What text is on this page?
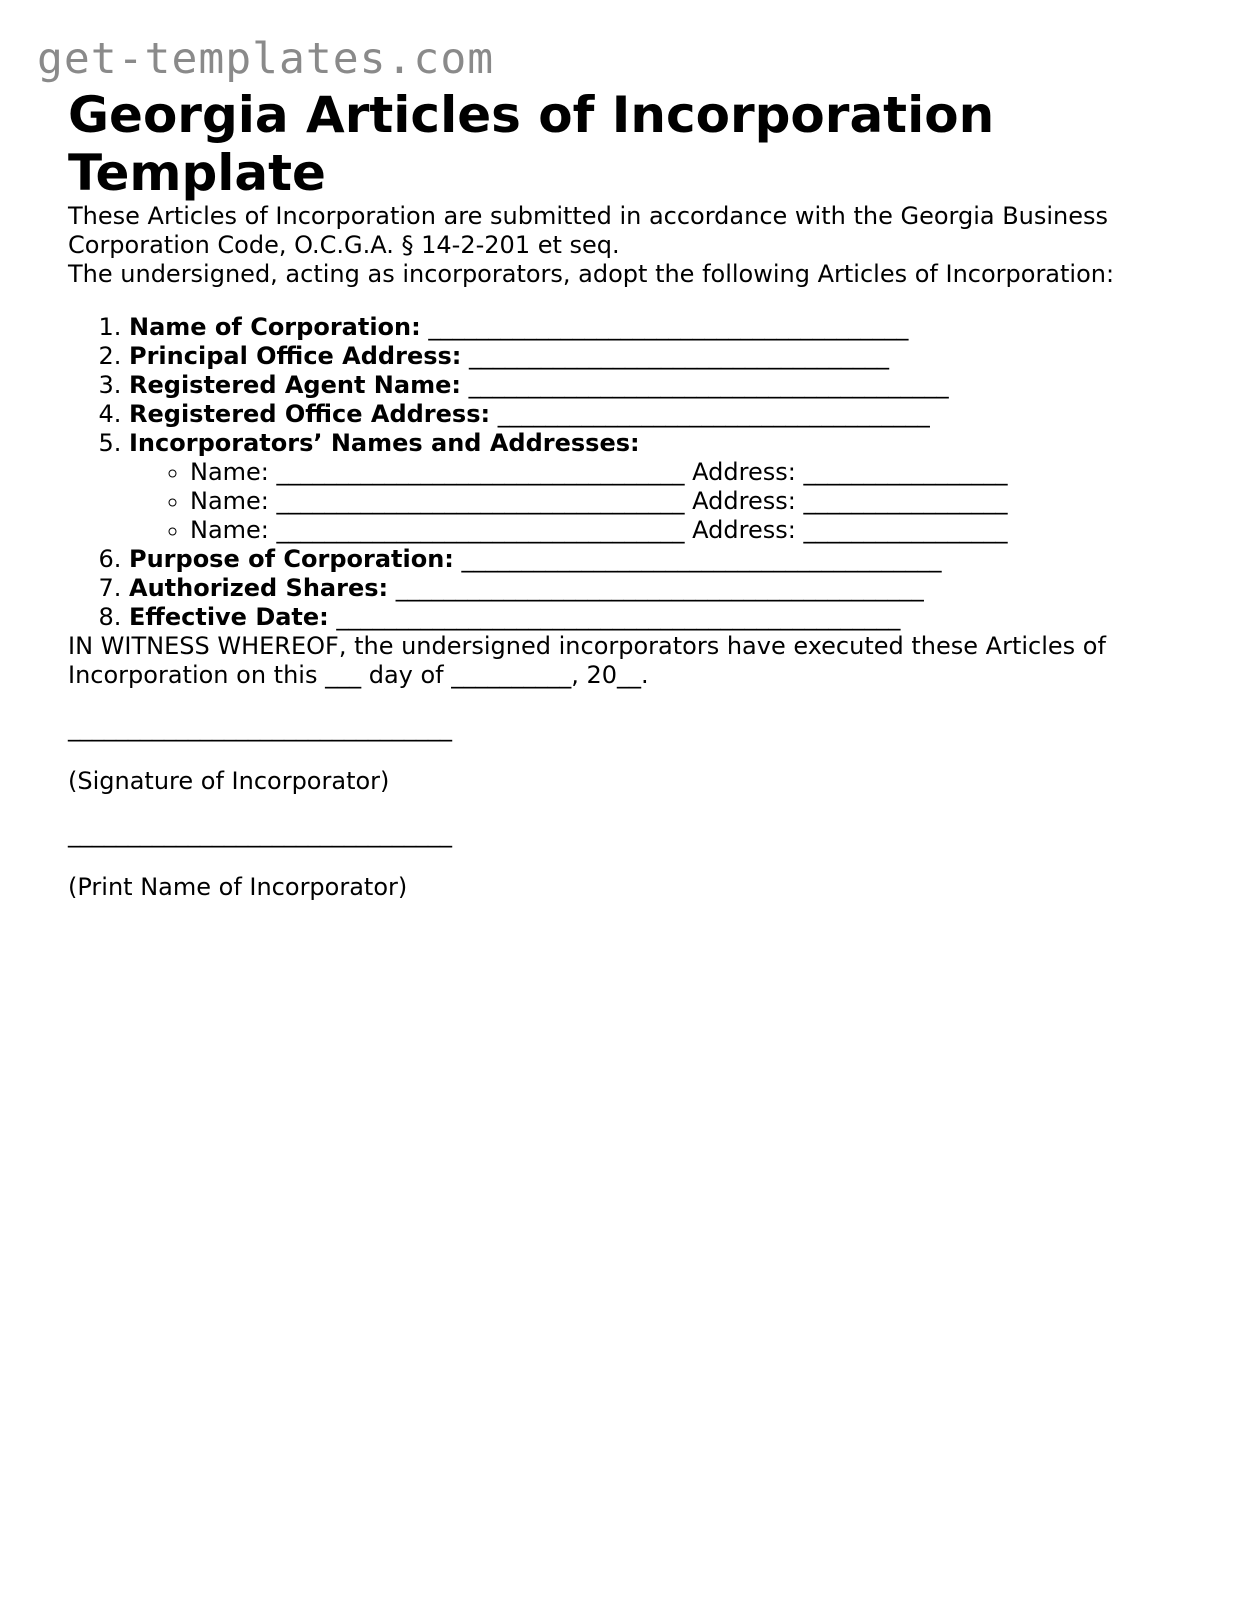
get-templates.com
Georgia Articles of Incorporation Template

These Articles of Incorporation are submitted in accordance with the Georgia Business Corporation Code, O.C.G.A. § 14-2-201 et seq.

The undersigned, acting as incorporators, adopt the following Articles of Incorporation:

1. Name of Corporation: ________________________________________
2. Principal Office Address: ___________________________________
3. Registered Agent Name: ________________________________________
4. Registered Office Address: ____________________________________
5. Incorporators’ Names and Addresses:
◦ Name: __________________________________ Address: _________________
◦ Name: __________________________________ Address: _________________
◦ Name: __________________________________ Address: _________________
6. Purpose of Corporation: ________________________________________
7. Authorized Shares: ____________________________________________
8. Effective Date: _______________________________________________

IN WITNESS WHEREOF, the undersigned incorporators have executed these Articles of Incorporation on this ___ day of __________, 20__.

________________________________
(Signature of Incorporator)
________________________________
(Print Name of Incorporator)
